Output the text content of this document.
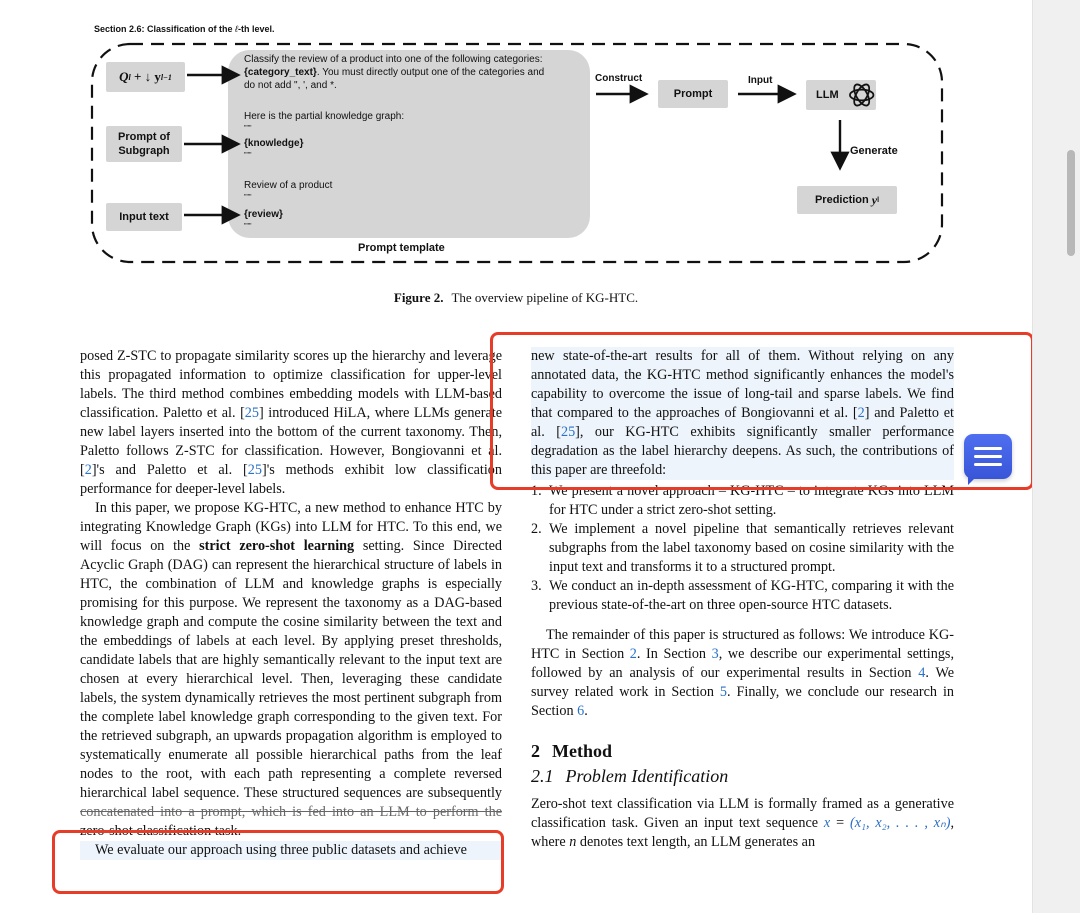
Section 2.6: Classification of the ℓ-th level.
Q l
+ ↓ y l−1
Prompt of
Subgraph
Input text
Classify the review of a product into one of the following categories:
{category_text}. You must directly output one of the categories and
do not add ", ', and *.
Here is the partial knowledge graph:
"""
{knowledge}
"""
Review of a product
"""
{review}
"""
Prompt template
Construct	Input
Prompt	LLM
Generate
Prediction y l
Figure 2. The overview pipeline of KG-HTC.

posed Z-STC to propagate similarity scores up the hierarchy and leverage this propagated information to optimize classification for upper-level labels. The third method combines embedding models with LLM-based classification. Paletto et al. [25] introduced HiLA, where LLMs generate new label layers inserted into the bottom of the current taxonomy. Then, Paletto follows Z-STC for classification. However, Bongiovanni et al. [2]'s and Paletto et al. [25]'s methods exhibit low classification performance for deeper-level labels.

In this paper, we propose KG-HTC, a new method to enhance HTC by integrating Knowledge Graph (KGs) into LLM for HTC. To this end, we will focus on the strict zero-shot learning setting. Since Directed Acyclic Graph (DAG) can represent the hierarchical structure of labels in HTC, the combination of LLM and knowledge graphs is especially promising for this purpose. We represent the taxonomy as a DAG-based knowledge graph and compute the cosine similarity between the text and the embeddings of labels at each level. By applying preset thresholds, candidate labels that are highly semantically relevant to the input text are chosen at every hierarchical level. Then, leveraging these candidate labels, the system dynamically retrieves the most pertinent subgraph from the complete label knowledge graph corresponding to the given text. For the retrieved subgraph, an upwards propagation algorithm is employed to systematically enumerate all possible hierarchical paths from the leaf nodes to the root, with each path representing a complete reversed hierarchical label sequence. These structured sequences are subsequently concatenated into a prompt, which is fed into an LLM to perform the zero-shot classification task.

We evaluate our approach using three public datasets and achieve

new state-of-the-art results for all of them. Without relying on any annotated data, the KG-HTC method significantly enhances the model's capability to overcome the issue of long-tail and sparse labels. We find that compared to the approaches of Bongiovanni et al. [2] and Paletto et al. [25], our KG-HTC exhibits significantly smaller performance degradation as the label hierarchy deepens. As such, the contributions of this paper are threefold:

1. We present a novel approach – KG-HTC – to integrate KGs into LLM for HTC under a strict zero-shot setting.
2. We implement a novel pipeline that semantically retrieves relevant subgraphs from the label taxonomy based on cosine similarity with the input text and transforms it to a structured prompt.
3. We conduct an in-depth assessment of KG-HTC, comparing it with the previous state-of-the-art on three open-source HTC datasets.

The remainder of this paper is structured as follows: We introduce KG-HTC in Section 2. In Section 3, we describe our experimental settings, followed by an analysis of our experimental results in Section 4. We survey related work in Section 5. Finally, we conclude our research in Section 6.

2 Method
2.1 Problem Identification

Zero-shot text classification via LLM is formally framed as a generative classification task. Given an input text sequence x = (x₁, x₂, . . . , xₙ), where n denotes text length, an LLM generates an
